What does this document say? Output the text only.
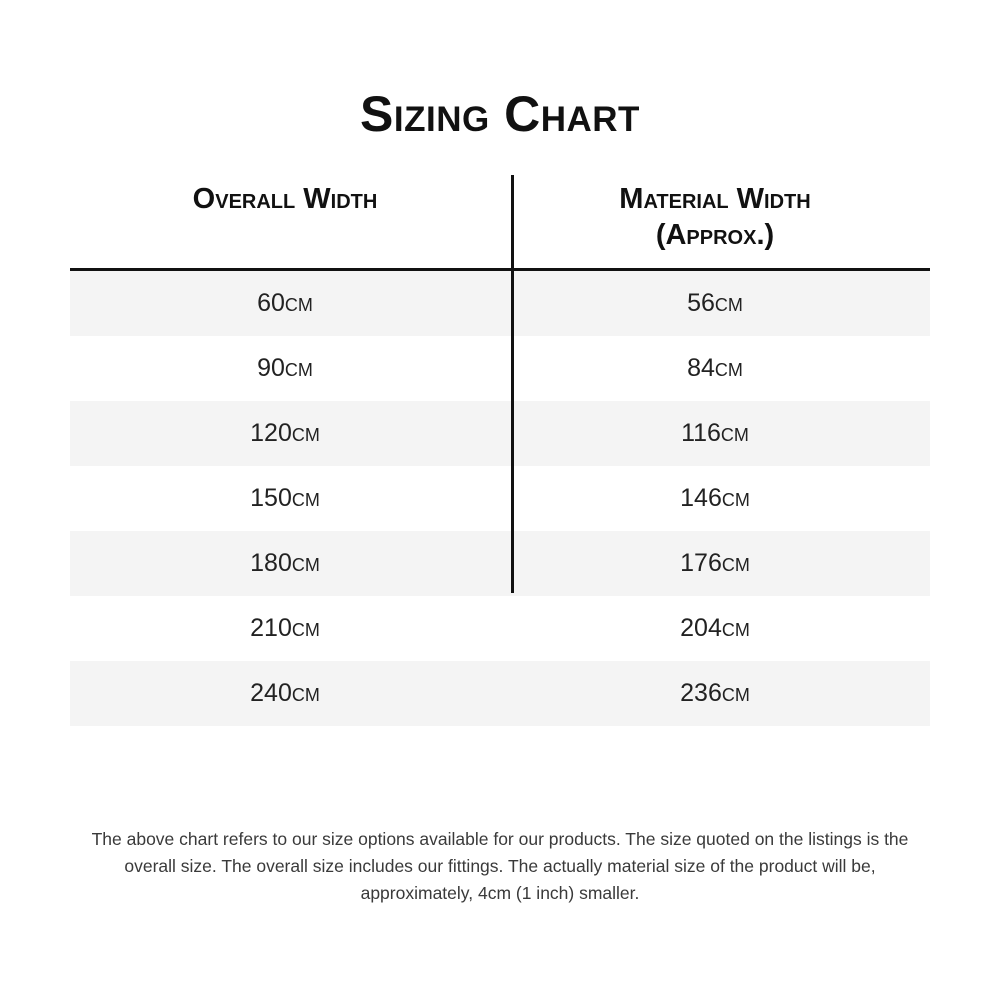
Sizing Chart
Overall Width	Material Width
(Approx.)

60cm	56cm
90cm	84cm
120cm	116cm
150cm	146cm
180cm	176cm
210cm	204cm
240cm	236cm

The above chart refers to our size options available for our products. The size quoted on the listings is the overall size. The overall size includes our fittings. The actually material size of the product will be, approximately, 4cm (1 inch) smaller.
